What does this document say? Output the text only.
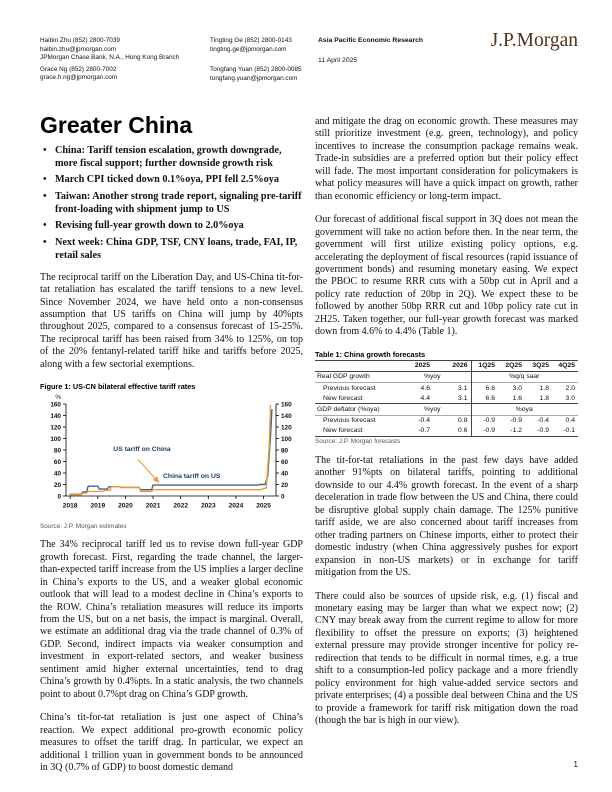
Haibin Zhu (852) 2800-7039
haibin.zhu@jpmorgan.com
JPMorgan Chase Bank, N.A., Hong Kong Branch
Grace Ng (852) 2800-7002
grace.h.ng@jpmorgan.com
Tingting Ge (852) 2800-0143
tingting.ge@jpmorgan.com
Tongfang Yuan (852) 2800-0085
tongfang.yuan@jpmorgan.com

Asia Pacific Economic Research

11 April 2025

J.P.Morgan
Greater China
• China: Tariff tension escalation, growth downgrade, more fiscal support; further downside growth risk
• March CPI ticked down 0.1%oya, PPI fell 2.5%oya
• Taiwan: Another strong trade report, signaling pre-tariff front-loading with shipment jump to US
• Revising full-year growth down to 2.0%oya
• Next week: China GDP, TSF, CNY loans, trade, FAI, IP, retail sales

The reciprocal tariff on the Liberation Day, and US-China tit-for-tat retaliation has escalated the tariff tensions to a new level. Since November 2024, we have held onto a non-consensus assumption that US tariffs on China will jump by 40%pts throughout 2025, compared to a consensus forecast of 15-25%. The reciprocal tariff has been raised from 34% to 125%, on top of the 20% fentanyl-related tariff hike and tariffs before 2025, along with a few sectorial exemptions.

Figure 1: US-CN bilateral effective tariff rates

0	0
20	20
40	40
60	60
80	80
100	100
120	120
140	140
160	160
%
2018 2019 2020 2021 2022 2023 2024 2025
US tariff on China
China tariff on US

Source: J.P. Morgan estimates

The 34% reciprocal tariff led us to revise down full-year GDP growth forecast. First, regarding the trade channel, the larger-than-expected tariff increase from the US implies a larger decline in China’s exports to the US, and a weaker global economic outlook that will lead to a modest decline in China’s exports to the ROW. China’s retaliation measures will reduce its imports from the US, but on a net basis, the impact is marginal. Overall, we estimate an additional drag via the trade channel of 0.3% of GDP. Second, indirect impacts via weaker consumption and investment in export-related sectors, and weaker business sentiment amid higher external uncertainties, tend to drag China’s growth by 0.4%pts. In a static analysis, the two channels point to about 0.7%pt drag on China’s GDP growth.

China’s tit-for-tat retaliation is just one aspect of China’s reaction. We expect additional pro-growth economic policy measures to offset the tariff drag. In particular, we expect an additional 1 trillion yuan in government bonds to be announced in 3Q (0.7% of GDP) to boost domestic demand

and mitigate the drag on economic growth. These measures may still prioritize investment (e.g. green, technology), and policy incentives to increase the consumption package remains weak. Trade-in subsidies are a preferred option but their policy effect will fade. The most important consideration for policymakers is what policy measures will have a quick impact on growth, rather than economic efficiency or long-term impact.

Our forecast of additional fiscal support in 3Q does not mean the government will take no action before then. In the near term, the government will first utilize existing policy options, e.g. accelerating the deployment of fiscal resources (rapid issuance of government bonds) and resuming monetary easing. We expect the PBOC to resume RRR cuts with a 50bp cut in April and a policy rate reduction of 20bp in 2Q). We expect these to be followed by another 50bp RRR cut and 10bp policy rate cut in 2H25. Taken together, our full-year growth forecast was marked down from 4.6% to 4.4% (Table 1).

Table 1: China growth forecasts

	2025	2026	1Q25	2Q25	3Q25	4Q25
Real GDP growth	%yoy		%q/q saar			
Previous forecast	4.6	3.1	6.6	3.0	1.8	2.0
New forecast	4.4	3.1	6.6	1.6	1.8	3.0
GDP deflator (%oya)	%yoy		%oya			
Previous forecast	-0.4	0.8	-0.9	-0.9	-0.4	0.4
New forecast	-0.7	0.6	-0.9	-1.2	-0.9	-0.1

Source: J.P. Morgan forecasts

The tit-for-tat retaliations in the past few days have added another 91%pts on bilateral tariffs, pointing to additional downside to our 4.4% growth forecast. In the event of a sharp deceleration in trade flow between the US and China, there could be disruptive global supply chain damage. The 125% punitive tariff aside, we are also concerned about tariff increases from other trading partners on Chinese imports, either to protect their domestic industry (when China aggressively pushes for export expansion in non-US markets) or in exchange for tariff mitigation from the US.

There could also be sources of upside risk, e.g. (1) fiscal and monetary easing may be larger than what we expect now; (2) CNY may break away from the current regime to allow for more flexibility to offset the pressure on exports; (3) heightened external pressure may provide stronger incentive for policy re-redirection that tends to be difficult in normal times, e.g. a true shift to a consumption-led policy package and a more friendly policy environment for high value-added service sectors and private enterprises; (4) a possible deal between China and the US to provide a framework for tariff risk mitigation down the road (though the bar is high in our view).

1
